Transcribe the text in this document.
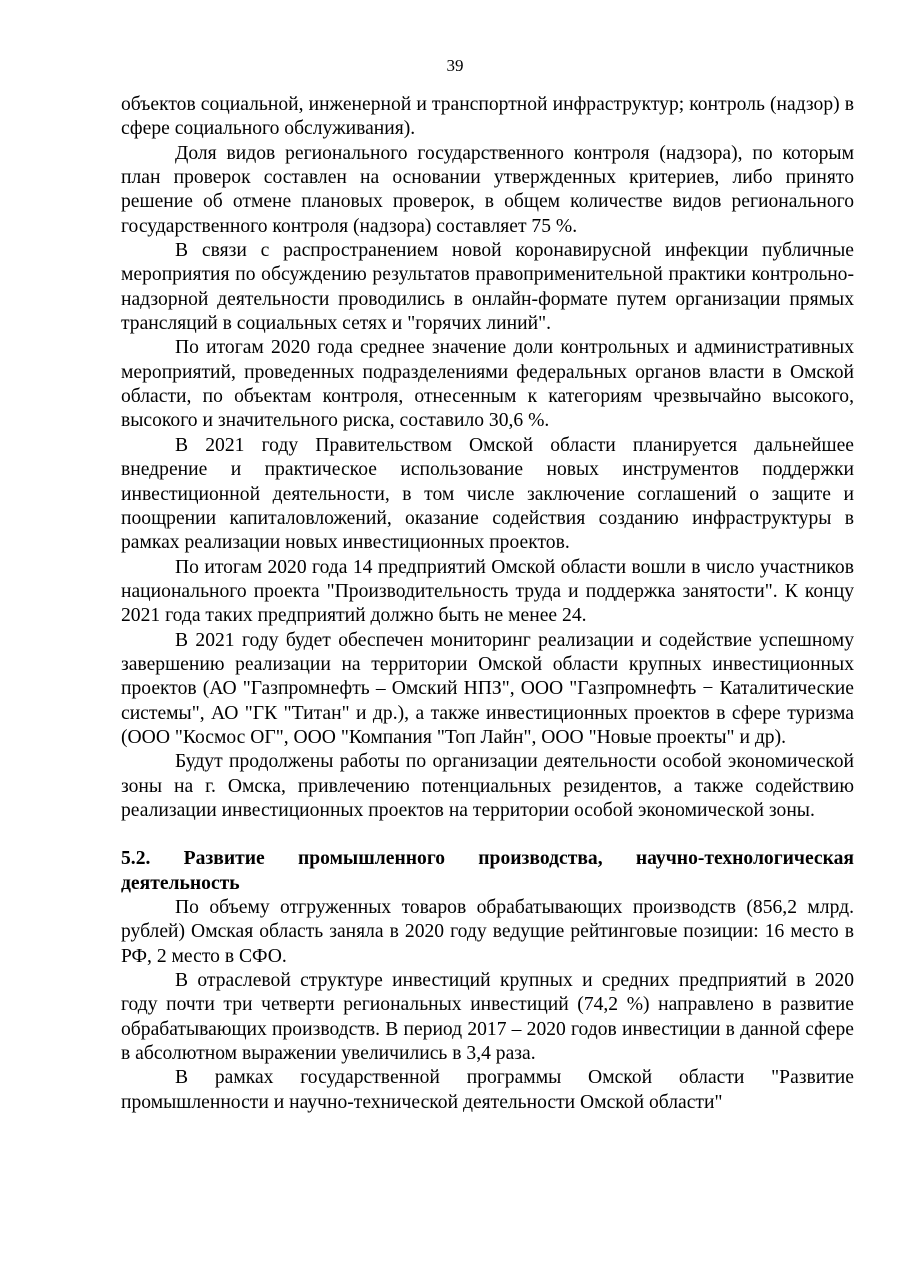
39

объектов социальной, инженерной и транспортной инфраструктур; контроль (надзор) в сфере социального обслуживания).

Доля видов регионального государственного контроля (надзора), по которым план проверок составлен на основании утвержденных критериев, либо принято решение об отмене плановых проверок, в общем количестве видов регионального государственного контроля (надзора) составляет 75 %.

В связи с распространением новой коронавирусной инфекции публичные мероприятия по обсуждению результатов правоприменительной практики контрольно-надзорной деятельности проводились в онлайн-формате путем организации прямых трансляций в социальных сетях и "горячих линий".

По итогам 2020 года среднее значение доли контрольных и административных мероприятий, проведенных подразделениями федеральных органов власти в Омской области, по объектам контроля, отнесенным к категориям чрезвычайно высокого, высокого и значительного риска, составило 30,6 %.

В 2021 году Правительством Омской области планируется дальнейшее внедрение и практическое использование новых инструментов поддержки инвестиционной деятельности, в том числе заключение соглашений о защите и поощрении капиталовложений, оказание содействия созданию инфраструктуры в рамках реализации новых инвестиционных проектов.

По итогам 2020 года 14 предприятий Омской области вошли в число участников национального проекта "Производительность труда и поддержка занятости". К концу 2021 года таких предприятий должно быть не менее 24.

В 2021 году будет обеспечен мониторинг реализации и содействие успешному завершению реализации на территории Омской области крупных инвестиционных проектов (АО "Газпромнефть – Омский НПЗ", ООО "Газпромнефть − Каталитические системы", АО "ГК "Титан" и др.), а также инвестиционных проектов в сфере туризма (ООО "Космос ОГ", ООО "Компания "Топ Лайн", ООО "Новые проекты" и др).

Будут продолжены работы по организации деятельности особой экономической зоны на г. Омска, привлечению потенциальных резидентов, а также содействию реализации инвестиционных проектов на территории особой экономической зоны.

5.2. Развитие промышленного производства, научно-технологическая деятельность

По объему отгруженных товаров обрабатывающих производств (856,2 млрд. рублей) Омская область заняла в 2020 году ведущие рейтинговые позиции: 16 место в РФ, 2 место в СФО.

В отраслевой структуре инвестиций крупных и средних предприятий в 2020 году почти три четверти региональных инвестиций (74,2 %) направлено в развитие обрабатывающих производств. В период 2017 – 2020 годов инвестиции в данной сфере в абсолютном выражении увеличились в 3,4 раза.

В рамках государственной программы Омской области "Развитие промышленности и научно-технической деятельности Омской области"
